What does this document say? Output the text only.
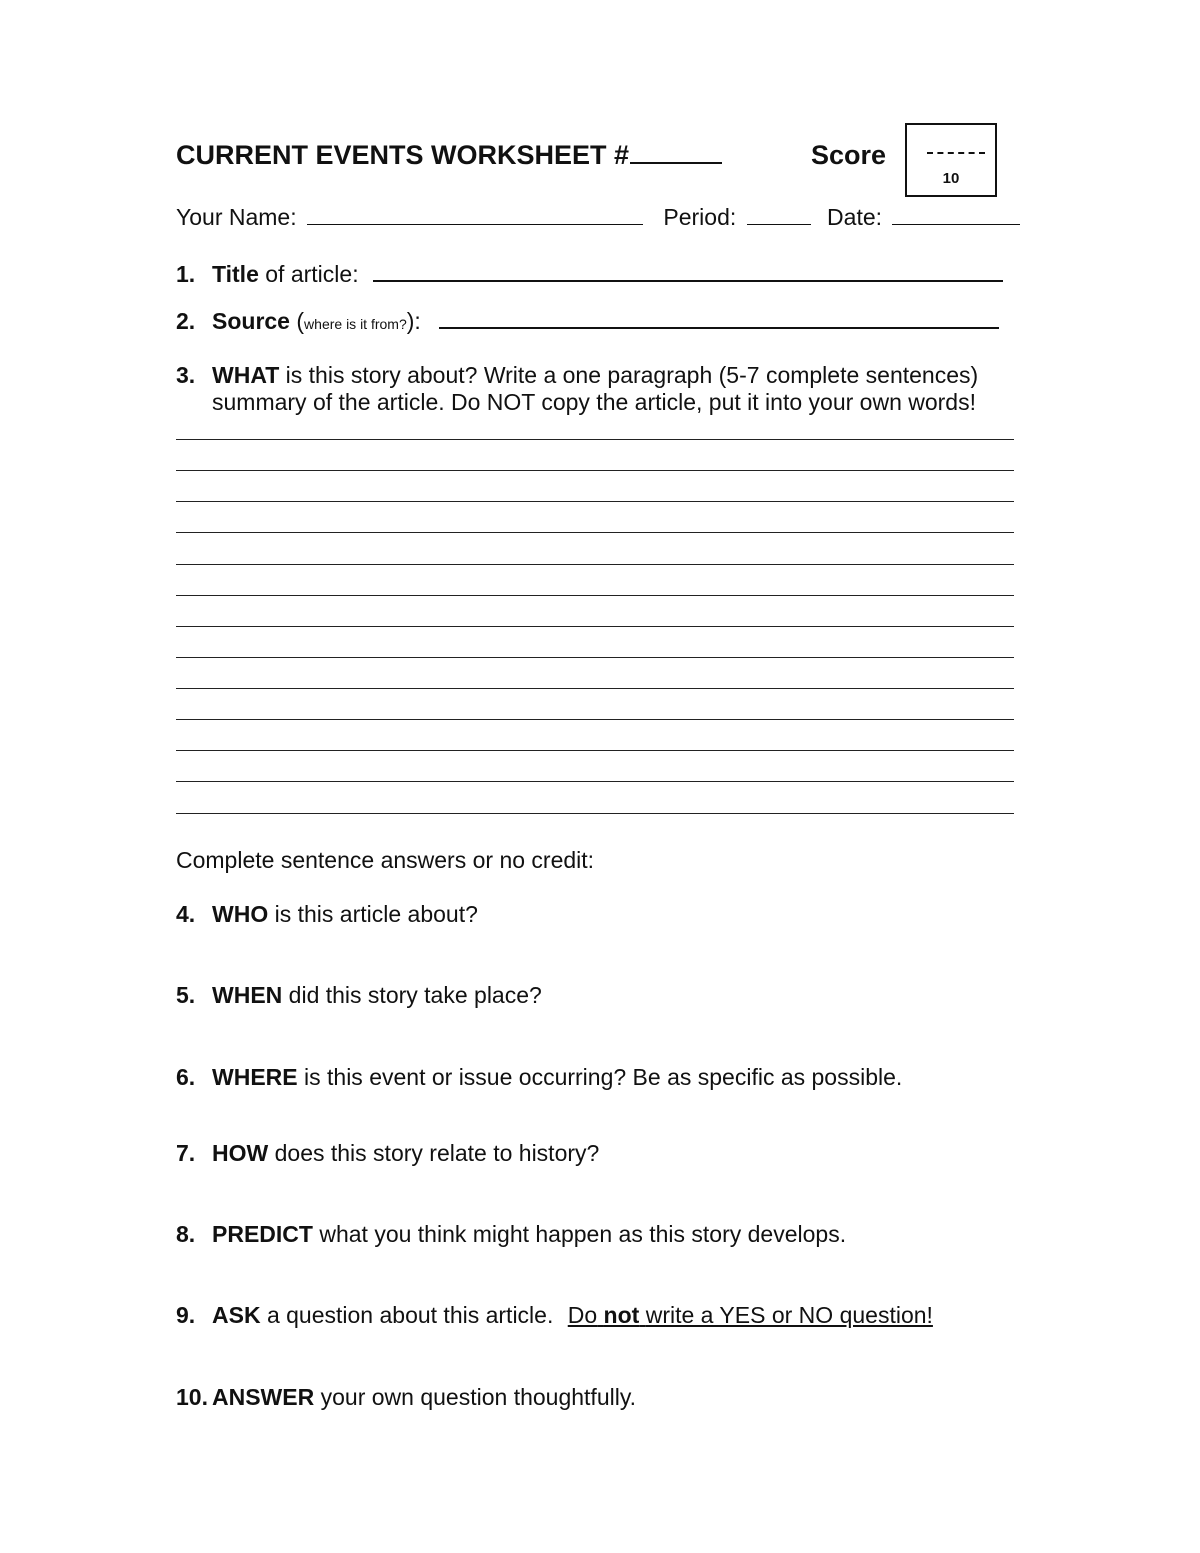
CURRENT EVENTS WORKSHEET #	Score
10
Your Name:	Period:	Date:
1. Title of article:
2. Source (where is it from?):
3. WHAT is this story about? Write a one paragraph (5-7 complete sentences)
summary of the article. Do NOT copy the article, put it into your own words!
Complete sentence answers or no credit:
4. WHO is this article about?
5. WHEN did this story take place?
6. WHERE is this event or issue occurring? Be as specific as possible.
7. HOW does this story relate to history?
8. PREDICT what you think might happen as this story develops.
9. ASK a question about this article. Do not write a YES or NO question!
10. ANSWER your own question thoughtfully.
